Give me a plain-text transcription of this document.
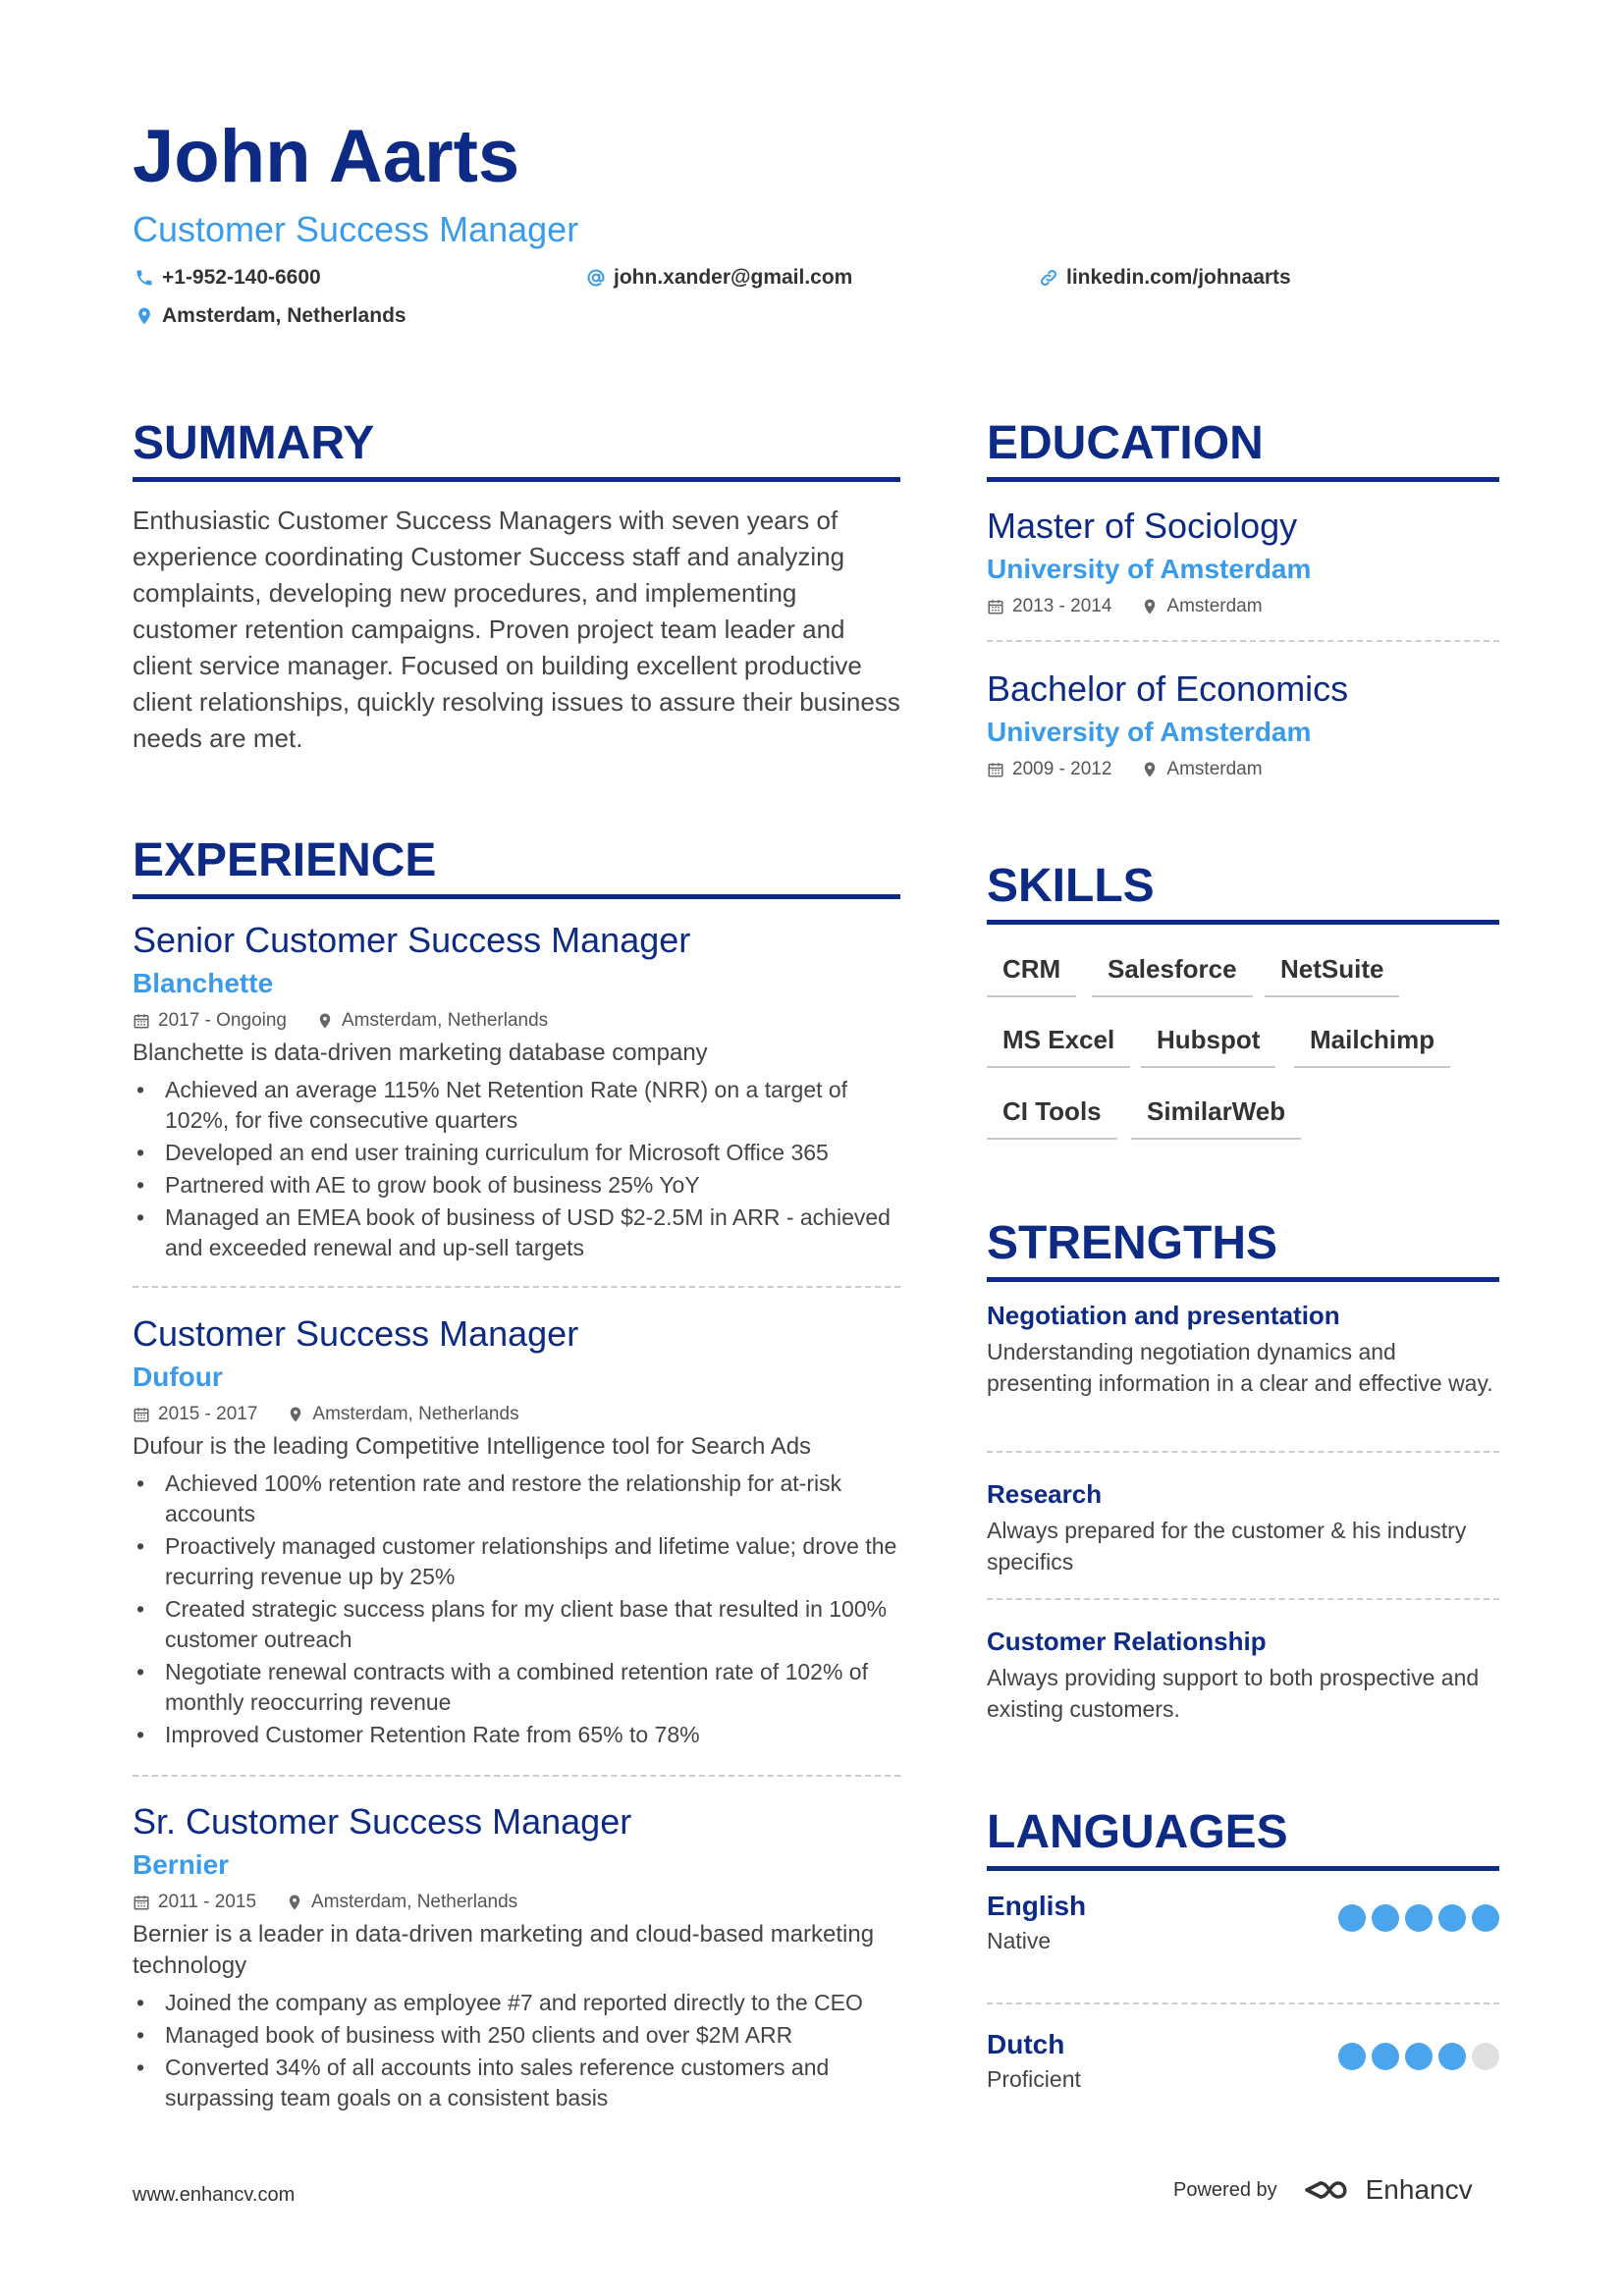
John Aarts
Customer Success Manager
+1-952-140-6600	john.xander@gmail.com	linkedin.com/johnaarts
Amsterdam, Netherlands
SUMMARY
Enthusiastic Customer Success Managers with seven years of experience coordinating Customer Success staff and analyzing complaints, developing new procedures, and implementing customer retention campaigns. Proven project team leader and client service manager. Focused on building excellent productive client relationships, quickly resolving issues to assure their business needs are met.
EXPERIENCE
Senior Customer Success Manager
Blanchette
2017 - Ongoing	Amsterdam, Netherlands
Blanchette is data-driven marketing database company
• Achieved an average 115% Net Retention Rate (NRR) on a target of 102%, for five consecutive quarters
• Developed an end user training curriculum for Microsoft Office 365
• Partnered with AE to grow book of business 25% YoY
• Managed an EMEA book of business of USD $2-2.5M in ARR - achieved and exceeded renewal and up-sell targets
Customer Success Manager
Dufour
2015 - 2017	Amsterdam, Netherlands
Dufour is the leading Competitive Intelligence tool for Search Ads
• Achieved 100% retention rate and restore the relationship for at-risk accounts
• Proactively managed customer relationships and lifetime value; drove the recurring revenue up by 25%
• Created strategic success plans for my client base that resulted in 100% customer outreach
• Negotiate renewal contracts with a combined retention rate of 102% of monthly reoccurring revenue
• Improved Customer Retention Rate from 65% to 78%
Sr. Customer Success Manager
Bernier
2011 - 2015	Amsterdam, Netherlands
Bernier is a leader in data-driven marketing and cloud-based marketing technology
• Joined the company as employee #7 and reported directly to the CEO
• Managed book of business with 250 clients and over $2M ARR
• Converted 34% of all accounts into sales reference customers and surpassing team goals on a consistent basis
EDUCATION
Master of Sociology
University of Amsterdam
2013 - 2014	Amsterdam
Bachelor of Economics
University of Amsterdam
2009 - 2012	Amsterdam
SKILLS
CRM	Salesforce	NetSuite
MS Excel	Hubspot	Mailchimp
CI Tools	SimilarWeb
STRENGTHS
Negotiation and presentation
Understanding negotiation dynamics and presenting information in a clear and effective way.
Research
Always prepared for the customer & his industry specifics
Customer Relationship
Always providing support to both prospective and existing customers.
LANGUAGES
English
Native
Dutch
Proficient
www.enhancv.com	Powered by	Enhancv
